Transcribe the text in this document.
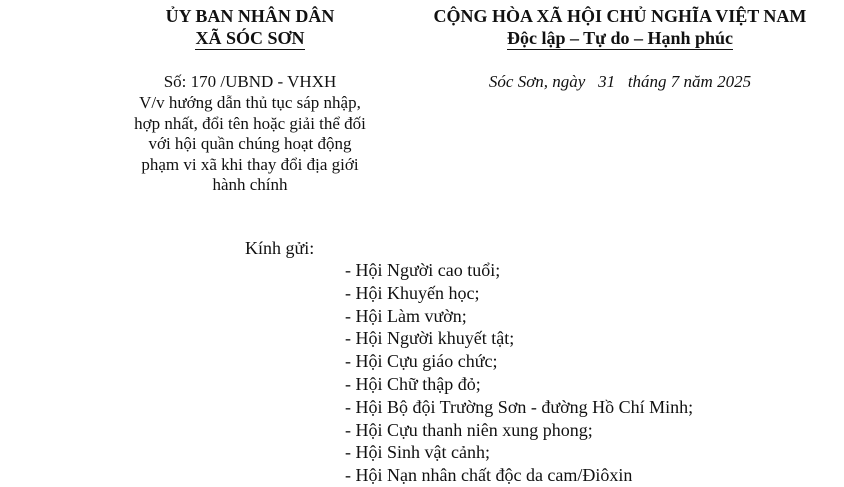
ỦY BAN NHÂN DÂN
XÃ SÓC SƠN
Số: 170 /UBND - VHXH
V/v hướng dẫn thủ tục sáp nhập,
hợp nhất, đổi tên hoặc giải thể đối
với hội quần chúng hoạt động
phạm vi xã khi thay đổi địa giới
hành chính
CỘNG HÒA XÃ HỘI CHỦ NGHĨA VIỆT NAM
Độc lập – Tự do – Hạnh phúc
Sóc Sơn, ngày   31   tháng 7 năm 2025
Kính gửi:
- Hội Người cao tuổi;
- Hội Khuyến học;
- Hội Làm vườn;
- Hội Người khuyết tật;
- Hội Cựu giáo chức;
- Hội Chữ thập đỏ;
- Hội Bộ đội Trường Sơn - đường Hồ Chí Minh;
- Hội Cựu thanh niên xung phong;
- Hội Sinh vật cảnh;
- Hội Nạn nhân chất độc da cam/Điôxin
